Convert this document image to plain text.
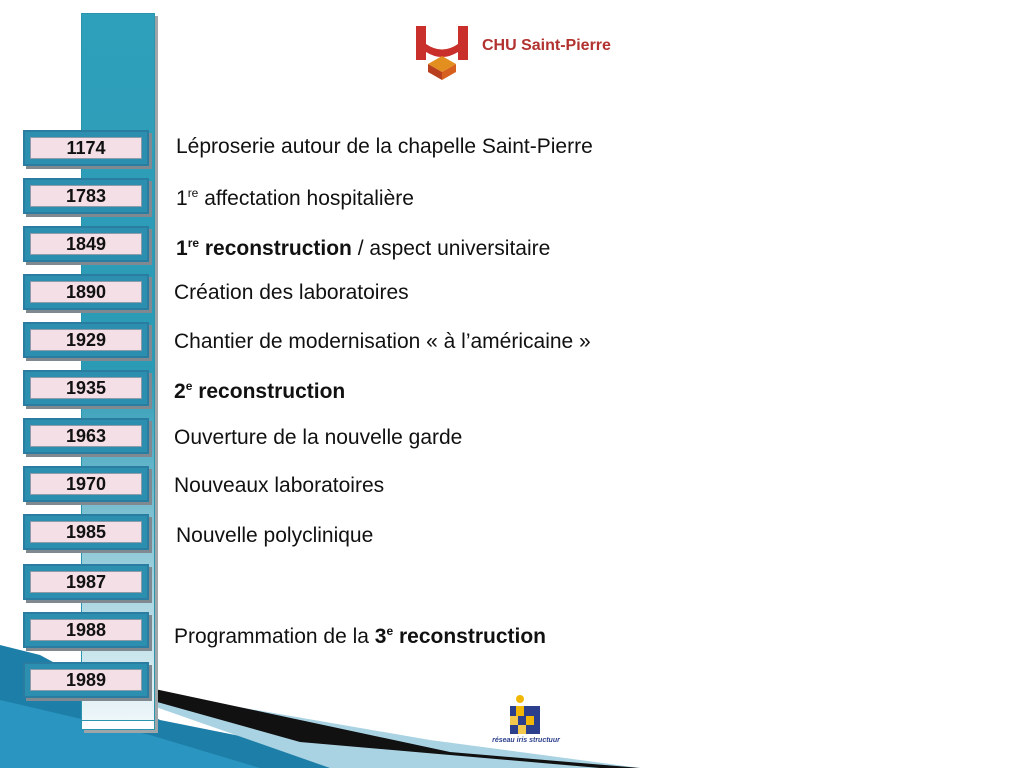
CHU Saint-Pierre
1174	Léproserie autour de la chapelle Saint-Pierre
1783	1re affectation hospitalière
1849	1re reconstruction / aspect universitaire
1890	Création des laboratoires
1929	Chantier de modernisation « à l’américaine »
1935	2e reconstruction
1963	Ouverture de la nouvelle garde
1970	Nouveaux laboratoires
1985	Nouvelle polyclinique
1987
1988	Programmation de la 3e reconstruction
1989
réseau iris structuur
